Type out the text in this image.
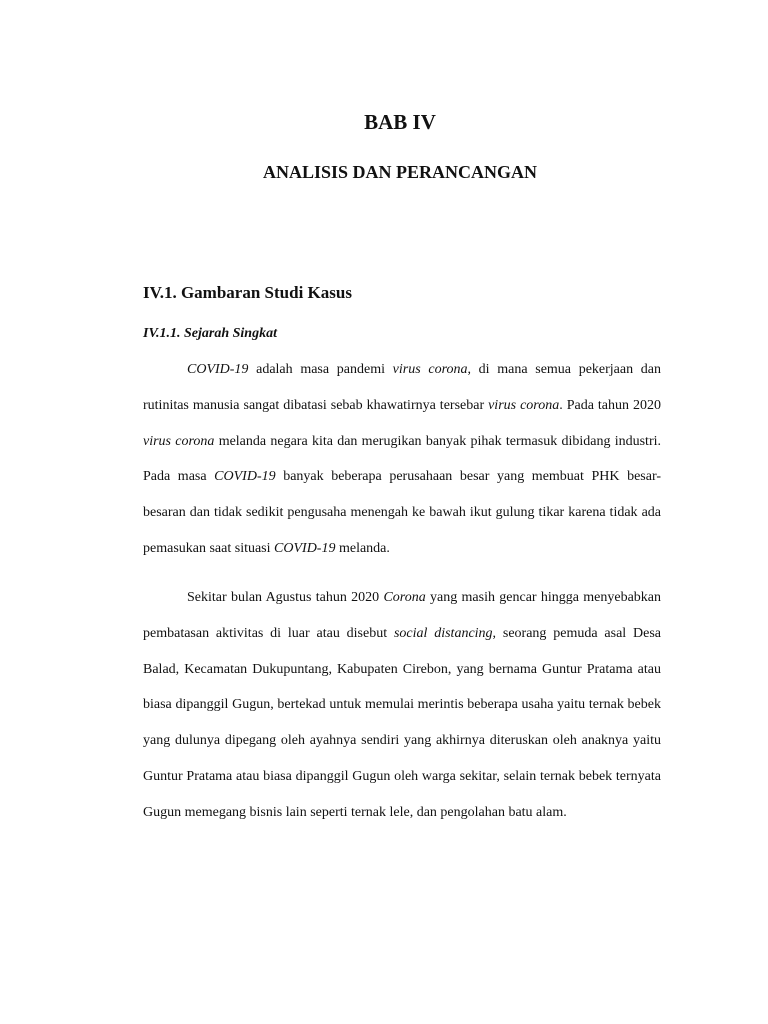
BAB IV
ANALISIS DAN PERANCANGAN
IV.1. Gambaran Studi Kasus
IV.1.1. Sejarah Singkat

COVID-19 adalah masa pandemi virus corona, di mana semua pekerjaan dan rutinitas manusia sangat dibatasi sebab khawatirnya tersebar virus corona. Pada tahun 2020 virus corona melanda negara kita dan merugikan banyak pihak termasuk dibidang industri. Pada masa COVID-19 banyak beberapa perusahaan besar yang membuat PHK besar-besaran dan tidak sedikit pengusaha menengah ke bawah ikut gulung tikar karena tidak ada pemasukan saat situasi COVID-19 melanda.

Sekitar bulan Agustus tahun 2020 Corona yang masih gencar hingga menyebabkan pembatasan aktivitas di luar atau disebut social distancing, seorang pemuda asal Desa Balad, Kecamatan Dukupuntang, Kabupaten Cirebon, yang bernama Guntur Pratama atau biasa dipanggil Gugun, bertekad untuk memulai merintis beberapa usaha yaitu ternak bebek yang dulunya dipegang oleh ayahnya sendiri yang akhirnya diteruskan oleh anaknya yaitu Guntur Pratama atau biasa dipanggil Gugun oleh warga sekitar, selain ternak bebek ternyata Gugun memegang bisnis lain seperti ternak lele, dan pengolahan batu alam.
